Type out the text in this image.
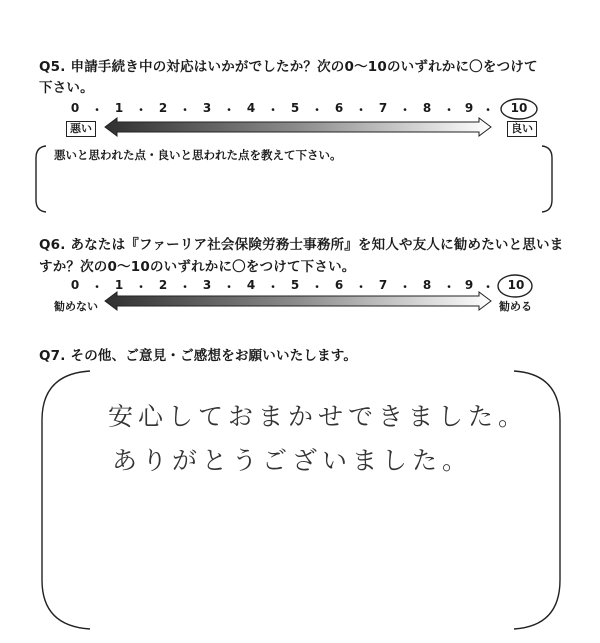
Q5. 申請手続き中の対応はいかがでしたか？次の0〜10のいずれかに〇をつけて
下さい。
0 ・ 1 ・ 2 ・ 3 ・ 4 ・ 5 ・ 6 ・ 7 ・ 8 ・ 9 ・ 10
悪い	良い
悪いと思われた点・良いと思われた点を教えて下さい。
Q6. あなたは『ファーリア社会保険労務士事務所』を知人や友人に勧めたいと思いま
すか？次の0〜10のいずれかに〇をつけて下さい。
0 ・ 1 ・ 2 ・ 3 ・ 4 ・ 5 ・ 6 ・ 7 ・ 8 ・ 9 ・ 10
勧めない	勧める
Q7. その他、ご意見・ご感想をお願いいたします。
安心しておまかせできました。
ありがとうございました。
